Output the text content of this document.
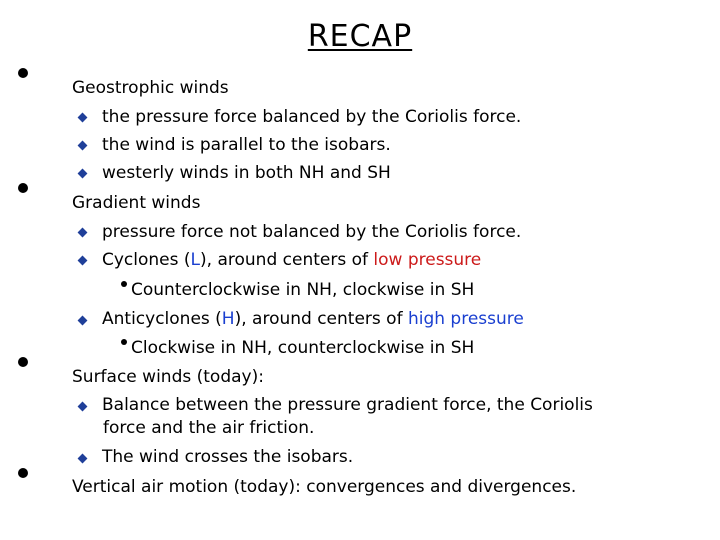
RECAP
Geostrophic winds
the pressure force balanced by the Coriolis force.
the wind is parallel to the isobars.
westerly winds in both NH and SH
Gradient winds
pressure force not balanced by the Coriolis force.
Cyclones (L), around centers of low pressure
Counterclockwise in NH, clockwise in SH
Anticyclones (H), around centers of high pressure
Clockwise in NH, counterclockwise in SH
Surface winds (today):
Balance between the pressure gradient force, the Coriolis
force and the air friction.
The wind crosses the isobars.
Vertical air motion (today): convergences and divergences.
